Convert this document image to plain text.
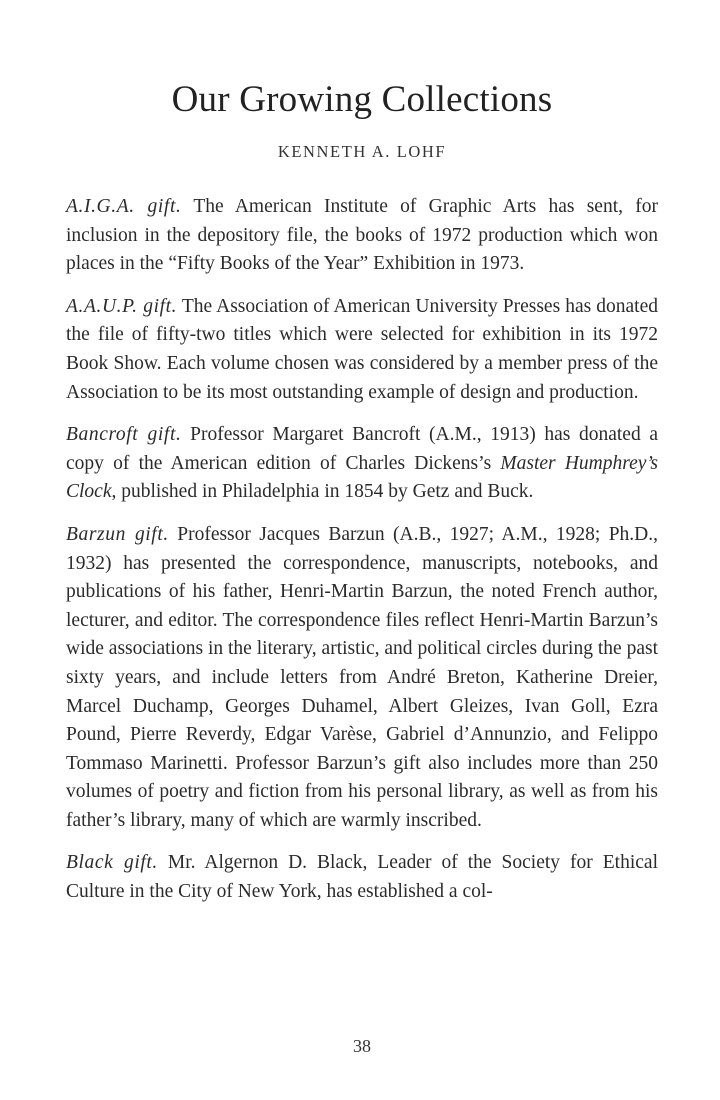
Our Growing Collections
KENNETH A. LOHF

A.I.G.A. gift. The American Institute of Graphic Arts has sent, for inclusion in the depository file, the books of 1972 production which won places in the “Fifty Books of the Year” Exhibition in 1973.

A.A.U.P. gift. The Association of American University Presses has donated the file of fifty-two titles which were selected for exhibition in its 1972 Book Show. Each volume chosen was considered by a member press of the Association to be its most outstanding example of design and production.

Bancroft gift. Professor Margaret Bancroft (A.M., 1913) has donated a copy of the American edition of Charles Dickens’s Master Humphrey’s Clock, published in Philadelphia in 1854 by Getz and Buck.

Barzun gift. Professor Jacques Barzun (A.B., 1927; A.M., 1928; Ph.D., 1932) has presented the correspondence, manuscripts, notebooks, and publications of his father, Henri-Martin Barzun, the noted French author, lecturer, and editor. The correspondence files reflect Henri-Martin Barzun’s wide associations in the literary, artistic, and political circles during the past sixty years, and include letters from André Breton, Katherine Dreier, Marcel Duchamp, Georges Duhamel, Albert Gleizes, Ivan Goll, Ezra Pound, Pierre Reverdy, Edgar Varèse, Gabriel d’Annunzio, and Felippo Tommaso Marinetti. Professor Barzun’s gift also includes more than 250 volumes of poetry and fiction from his personal library, as well as from his father’s library, many of which are warmly inscribed.

Black gift. Mr. Algernon D. Black, Leader of the Society for Ethical Culture in the City of New York, has established a col-

38
